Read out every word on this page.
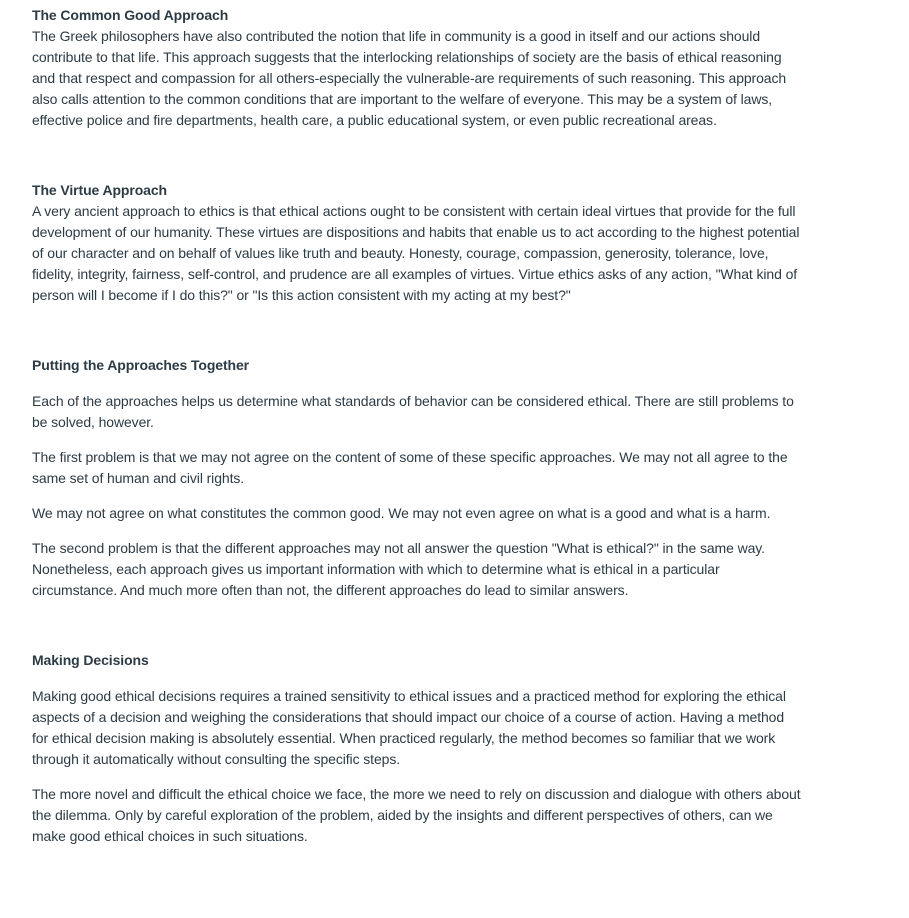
The Common Good Approach

The Greek philosophers have also contributed the notion that life in community is a good in itself and our actions should contribute to that life. This approach suggests that the interlocking relationships of society are the basis of ethical reasoning and that respect and compassion for all others-especially the vulnerable-are requirements of such reasoning. This approach also calls attention to the common conditions that are important to the welfare of everyone. This may be a system of laws, effective police and fire departments, health care, a public educational system, or even public recreational areas.

The Virtue Approach

A very ancient approach to ethics is that ethical actions ought to be consistent with certain ideal virtues that provide for the full development of our humanity. These virtues are dispositions and habits that enable us to act according to the highest potential of our character and on behalf of values like truth and beauty. Honesty, courage, compassion, generosity, tolerance, love, fidelity, integrity, fairness, self-control, and prudence are all examples of virtues. Virtue ethics asks of any action, "What kind of person will I become if I do this?" or "Is this action consistent with my acting at my best?"

Putting the Approaches Together

Each of the approaches helps us determine what standards of behavior can be considered ethical. There are still problems to be solved, however.

The first problem is that we may not agree on the content of some of these specific approaches. We may not all agree to the same set of human and civil rights.

We may not agree on what constitutes the common good. We may not even agree on what is a good and what is a harm.

The second problem is that the different approaches may not all answer the question "What is ethical?" in the same way. Nonetheless, each approach gives us important information with which to determine what is ethical in a particular circumstance. And much more often than not, the different approaches do lead to similar answers.

Making Decisions

Making good ethical decisions requires a trained sensitivity to ethical issues and a practiced method for exploring the ethical aspects of a decision and weighing the considerations that should impact our choice of a course of action. Having a method for ethical decision making is absolutely essential. When practiced regularly, the method becomes so familiar that we work through it automatically without consulting the specific steps.

The more novel and difficult the ethical choice we face, the more we need to rely on discussion and dialogue with others about the dilemma. Only by careful exploration of the problem, aided by the insights and different perspectives of others, can we make good ethical choices in such situations.
